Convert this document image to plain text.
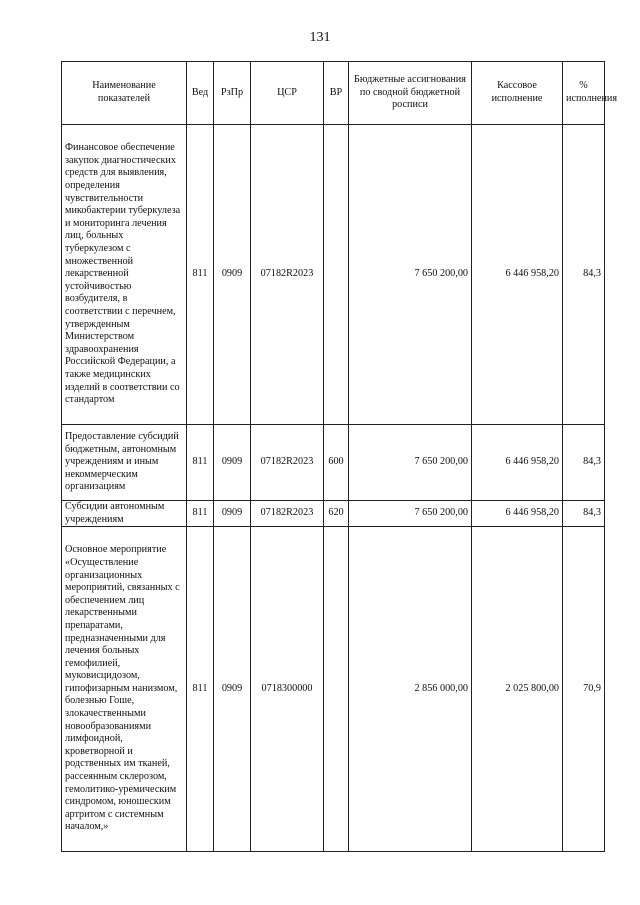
131
Наименование показателей	Вед	РзПр	ЦСР	ВР	Бюджетные ассигнования по сводной бюджетной росписи	Кассовое исполнение	% исполнения
Финансовое обеспечение закупок диагностических средств для выявления, определения чувствительности микобактерии туберкулеза и мониторинга лечения лиц, больных туберкулезом с множественной лекарственной устойчивостью возбудителя, в соответствии с перечнем, утвержденным Министерством здравоохранения Российской Федерации, а также медицинских изделий в соответствии со стандартом	811	0909	07182R2023		7 650 200,00	6 446 958,20	84,3
Предоставление субсидий бюджетным, автономным учреждениям и иным некоммерческим организациям	811	0909	07182R2023	600	7 650 200,00	6 446 958,20	84,3
Субсидии автономным учреждениям	811	0909	07182R2023	620	7 650 200,00	6 446 958,20	84,3
Основное мероприятие «Осуществление организационных мероприятий, связанных с обеспечением лиц лекарственными препаратами, предназначенными для лечения больных гемофилией, муковисцидозом, гипофизарным нанизмом, болезнью Гоше, злокачественными новообразованиями лимфоидной, кроветворной и родственных им тканей, рассеянным склерозом, гемолитико-уремическим синдромом, юношеским артритом с системным началом,»	811	0909	0718300000		2 856 000,00	2 025 800,00	70,9
